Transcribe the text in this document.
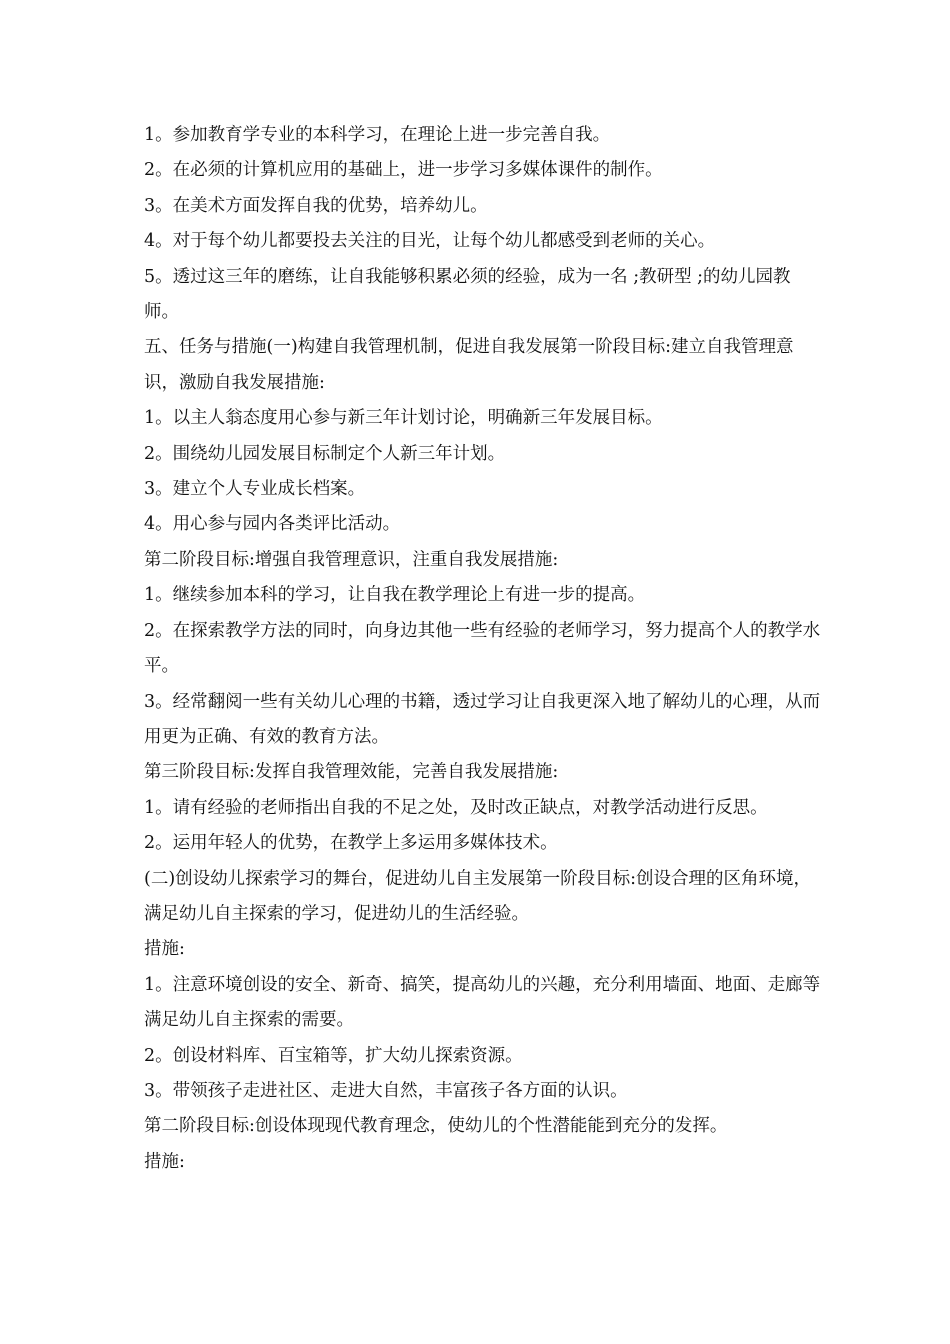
1。参加教育学专业的本科学习，在理论上进一步完善自我。

2。在必须的计算机应用的基础上，进一步学习多媒体课件的制作。

3。在美术方面发挥自我的优势，培养幼儿。

4。对于每个幼儿都要投去关注的目光，让每个幼儿都感受到老师的关心。

5。透过这三年的磨练，让自我能够积累必须的经验，成为一名 ;教研型 ;的幼儿园教师。

五、任务与措施(一)构建自我管理机制，促进自我发展第一阶段目标:建立自我管理意识，激励自我发展措施:

1。以主人翁态度用心参与新三年计划讨论，明确新三年发展目标。

2。围绕幼儿园发展目标制定个人新三年计划。

3。建立个人专业成长档案。

4。用心参与园内各类评比活动。

第二阶段目标:增强自我管理意识，注重自我发展措施:

1。继续参加本科的学习，让自我在教学理论上有进一步的提高。

2。在探索教学方法的同时，向身边其他一些有经验的老师学习，努力提高个人的教学水平。

3。经常翻阅一些有关幼儿心理的书籍，透过学习让自我更深入地了解幼儿的心理，从而用更为正确、有效的教育方法。

第三阶段目标:发挥自我管理效能，完善自我发展措施:

1。请有经验的老师指出自我的不足之处，及时改正缺点，对教学活动进行反思。

2。运用年轻人的优势，在教学上多运用多媒体技术。

(二)创设幼儿探索学习的舞台，促进幼儿自主发展第一阶段目标:创设合理的区角环境，满足幼儿自主探索的学习，促进幼儿的生活经验。

措施:

1。注意环境创设的安全、新奇、搞笑，提高幼儿的兴趣，充分利用墙面、地面、走廊等满足幼儿自主探索的需要。

2。创设材料库、百宝箱等，扩大幼儿探索资源。

3。带领孩子走进社区、走进大自然，丰富孩子各方面的认识。

第二阶段目标:创设体现现代教育理念，使幼儿的个性潜能能到充分的发挥。

措施:
